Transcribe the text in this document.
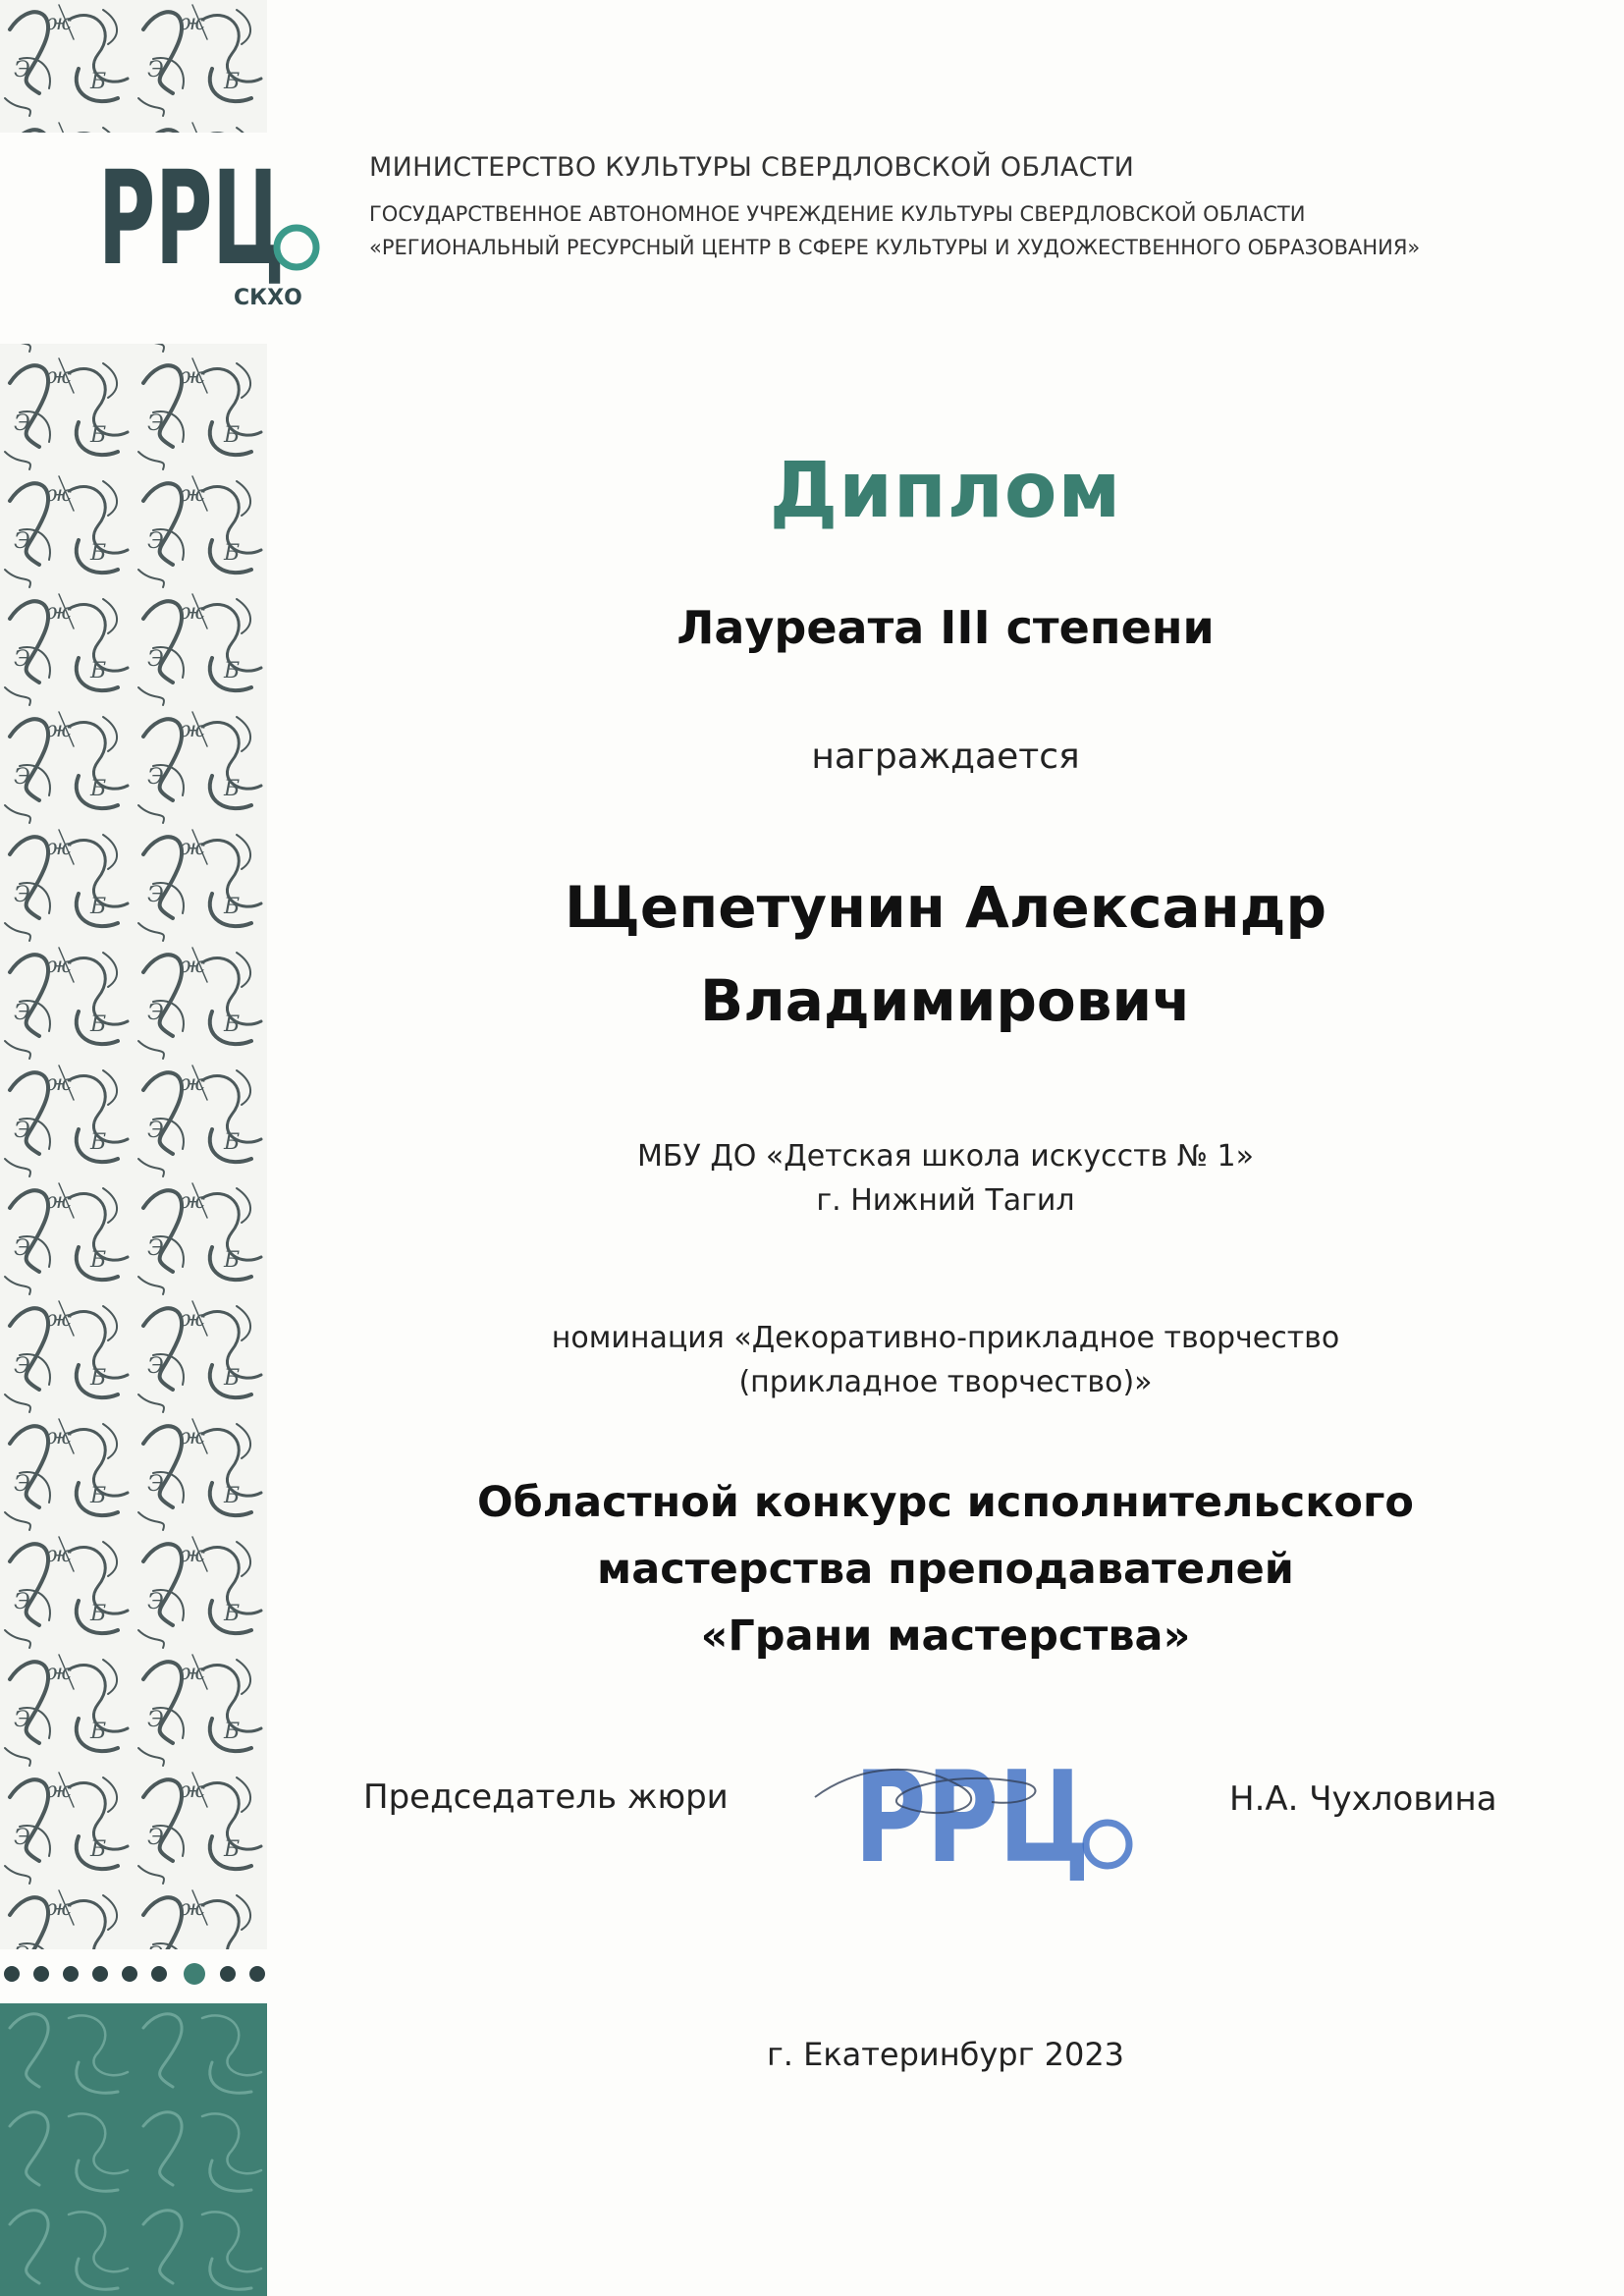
РРЦ
СКХО
МИНИСТЕРСТВО КУЛЬТУРЫ СВЕРДЛОВСКОЙ ОБЛАСТИ
ГОСУДАРСТВЕННОЕ АВТОНОМНОЕ УЧРЕЖДЕНИЕ КУЛЬТУРЫ СВЕРДЛОВСКОЙ ОБЛАСТИ
«РЕГИОНАЛЬНЫЙ РЕСУРСНЫЙ ЦЕНТР В СФЕРЕ КУЛЬТУРЫ И ХУДОЖЕСТВЕННОГО ОБРАЗОВАНИЯ»
Диплом
Лауреата III степени
награждается
Щепетунин Александр
Владимирович
МБУ ДО «Детская школа искусств № 1»
г. Нижний Тагил
номинация «Декоративно-прикладное творчество
(прикладное творчество)»
Областной конкурс исполнительского
мастерства преподавателей
«Грани мастерства»
Председатель жюри РРЦ	Н.А. Чухловина
г. Екатеринбург 2023
